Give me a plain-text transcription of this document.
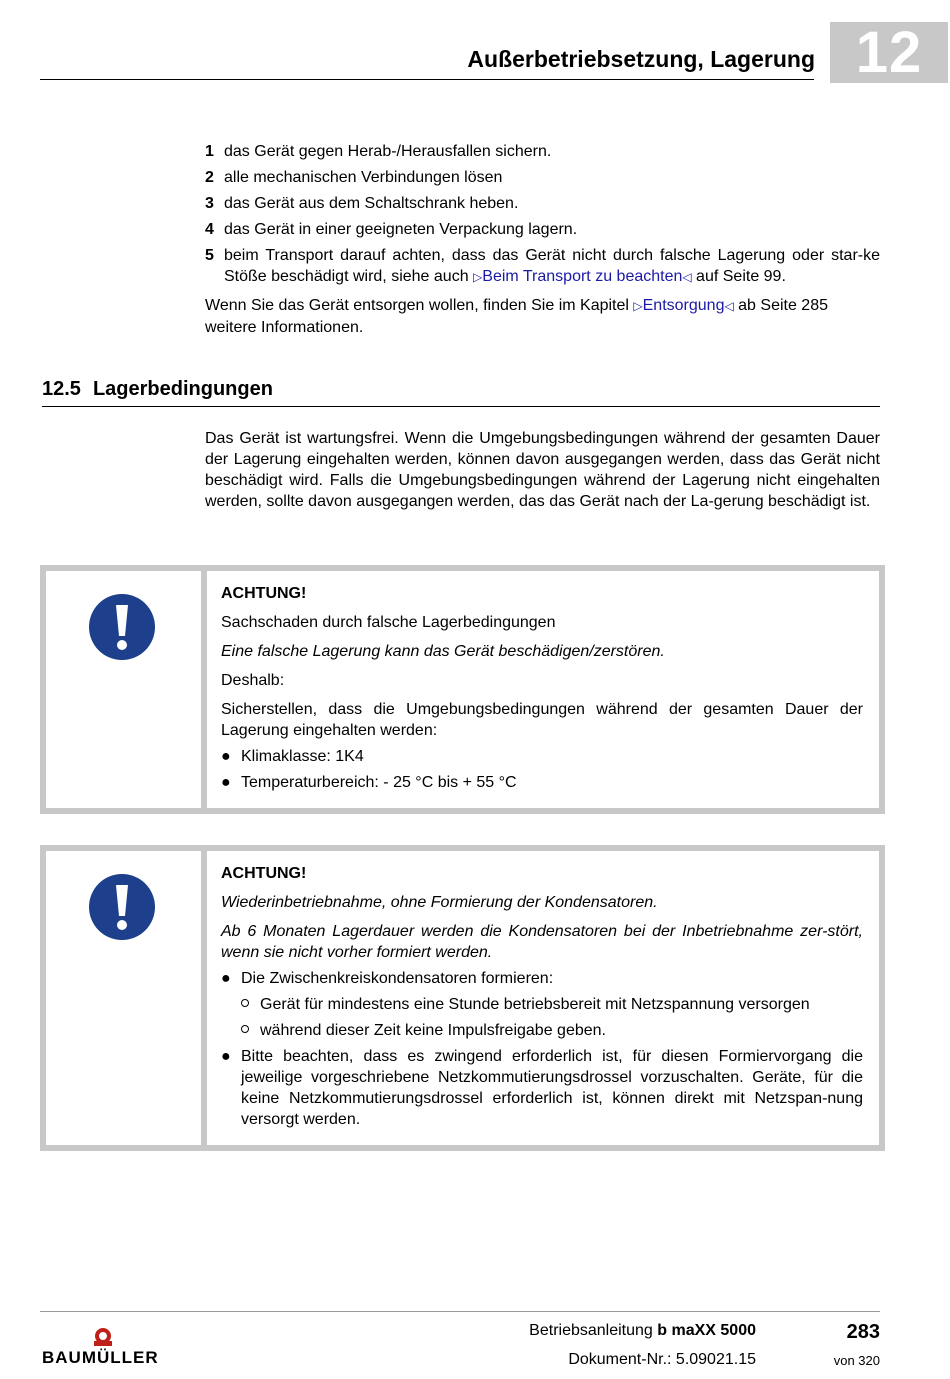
Außerbetriebsetzung, Lagerung 12
1 das Gerät gegen Herab-/Herausfallen sichern.
2 alle mechanischen Verbindungen lösen
3 das Gerät aus dem Schaltschrank heben.
4 das Gerät in einer geeigneten Verpackung lagern.
5 beim Transport darauf achten, dass das Gerät nicht durch falsche Lagerung oder star-ke Stöße beschädigt wird, siehe auch ▷Beim Transport zu beachten◁ auf Seite 99.
Wenn Sie das Gerät entsorgen wollen, finden Sie im Kapitel ▷Entsorgung◁ ab Seite 285 weitere Informationen.
12.5 Lagerbedingungen
Das Gerät ist wartungsfrei. Wenn die Umgebungsbedingungen während der gesamten Dauer der Lagerung eingehalten werden, können davon ausgegangen werden, dass das Gerät nicht beschädigt wird. Falls die Umgebungsbedingungen während der Lagerung nicht eingehalten werden, sollte davon ausgegangen werden, das das Gerät nach der La-gerung beschädigt ist.

ACHTUNG!

Sachschaden durch falsche Lagerbedingungen

Eine falsche Lagerung kann das Gerät beschädigen/zerstören.

Deshalb:

Sicherstellen, dass die Umgebungsbedingungen während der gesamten Dauer der Lagerung eingehalten werden:

● Klimaklasse: 1K4
● Temperaturbereich: - 25 °C bis + 55 °C

ACHTUNG!

Wiederinbetriebnahme, ohne Formierung der Kondensatoren.

Ab 6 Monaten Lagerdauer werden die Kondensatoren bei der Inbetriebnahme zer-stört, wenn sie nicht vorher formiert werden.

● Die Zwischenkreiskondensatoren formieren:
Gerät für mindestens eine Stunde betriebsbereit mit Netzspannung versorgen
während dieser Zeit keine Impulsfreigabe geben.
● Bitte beachten, dass es zwingend erforderlich ist, für diesen Formiervorgang die jeweilige vorgeschriebene Netzkommutierungsdrossel vorzuschalten. Geräte, für die keine Netzkommutierungsdrossel erforderlich ist, können direkt mit Netzspan-nung versorgt werden.
BAUMÜLLER
Betriebsanleitung b maXX 5000
Dokument-Nr.: 5.09021.15
283
von 320
